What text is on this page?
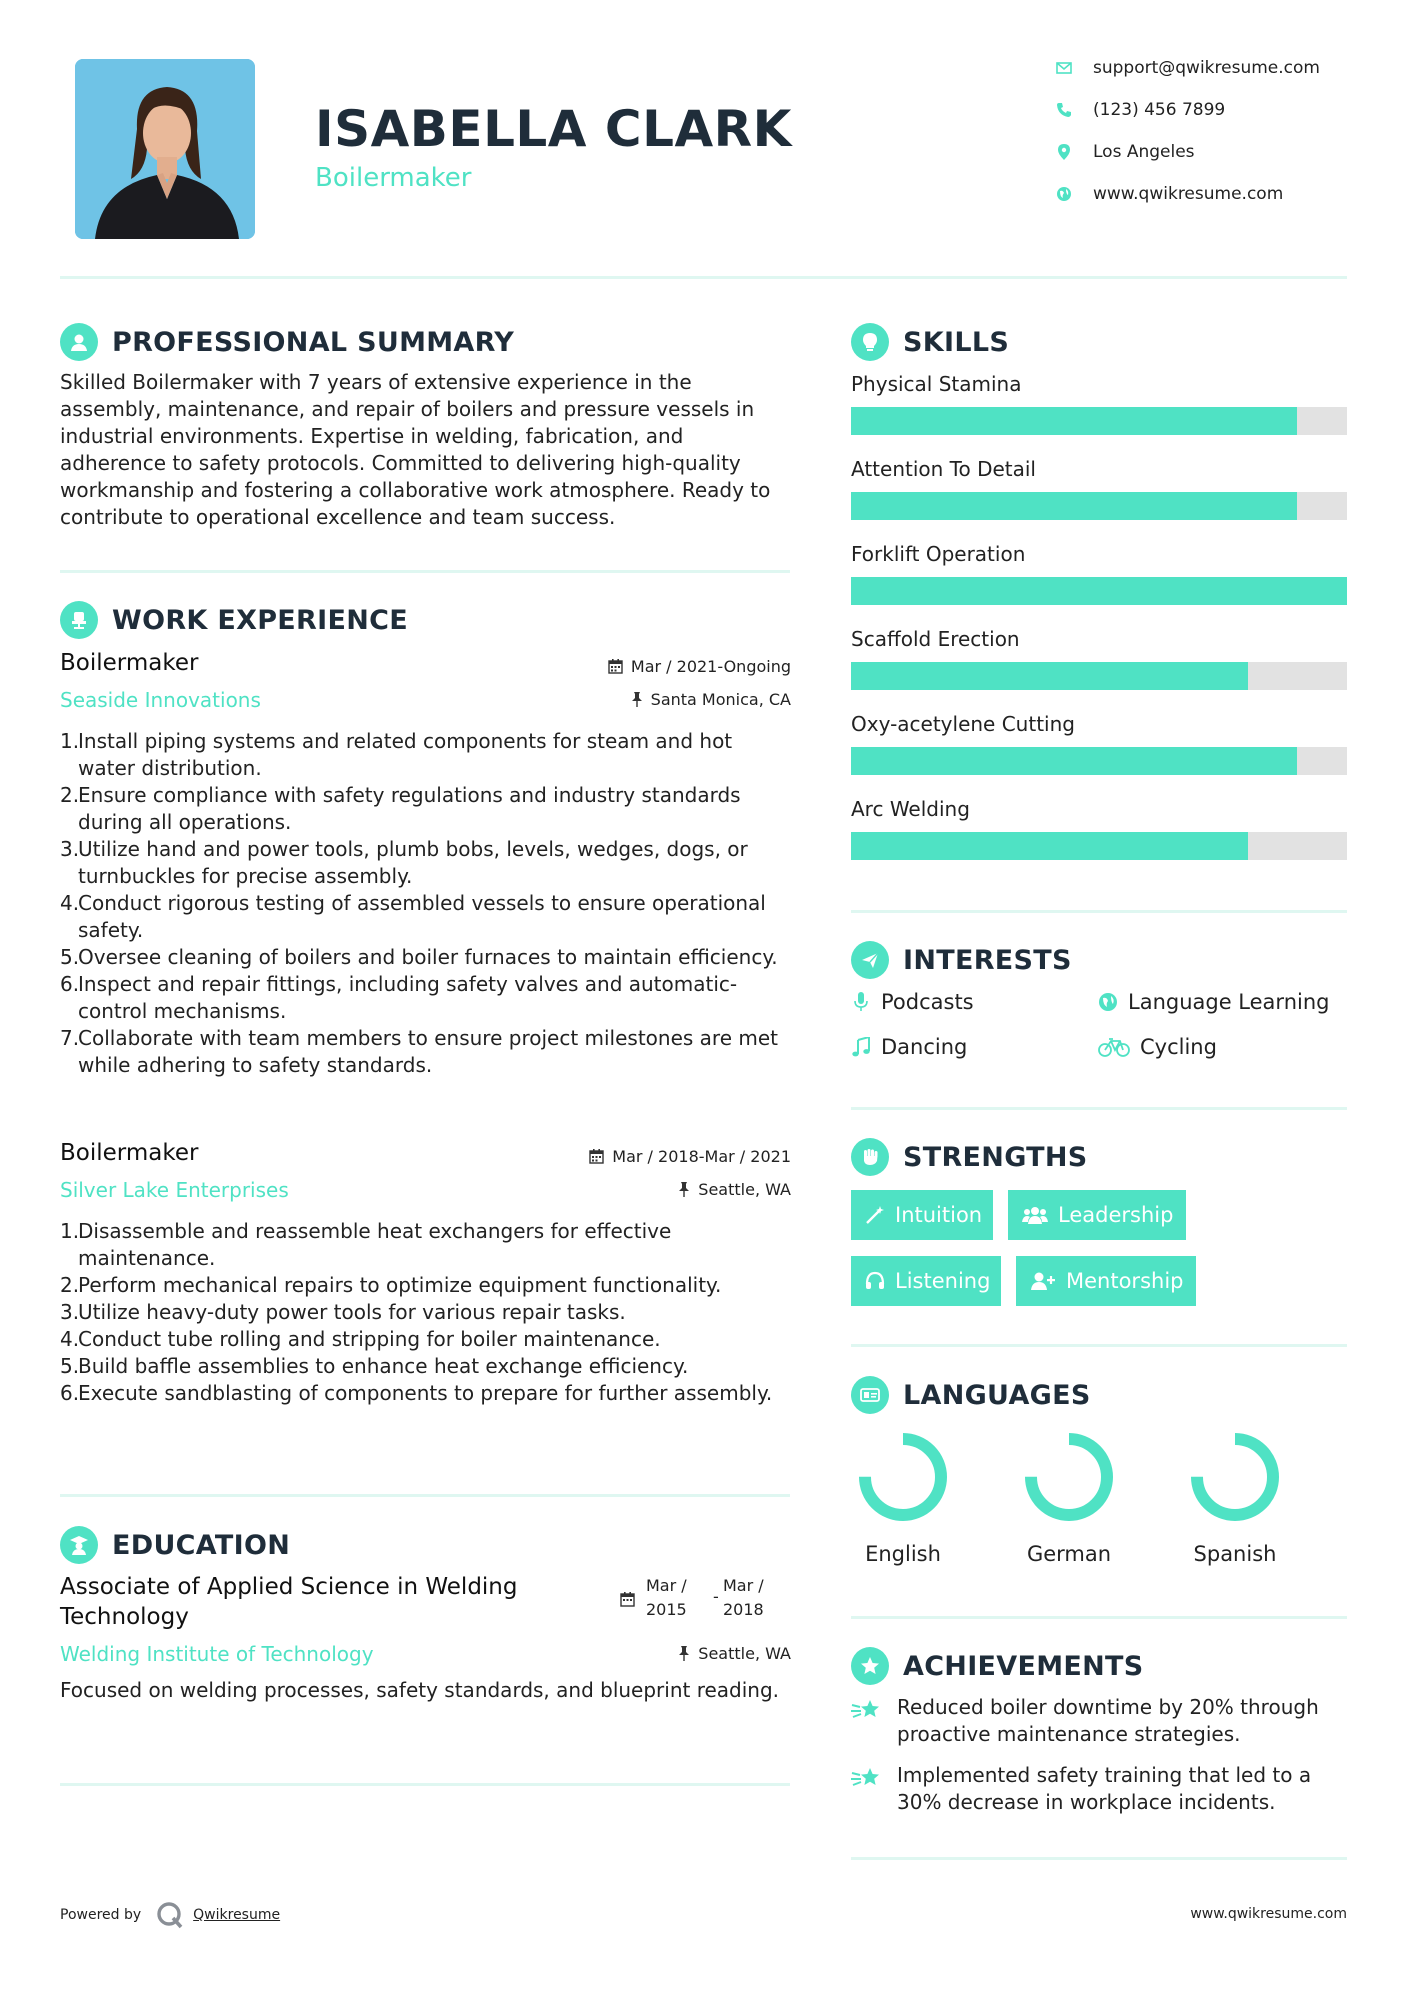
ISABELLA CLARK
Boilermaker
support@qwikresume.com
(123) 456 7899
Los Angeles
www.qwikresume.com
PROFESSIONAL SUMMARY
Skilled Boilermaker with 7 years of extensive experience in the assembly, maintenance, and repair of boilers and pressure vessels in industrial environments. Expertise in welding, fabrication, and adherence to safety protocols. Committed to delivering high-quality workmanship and fostering a collaborative work atmosphere. Ready to contribute to operational excellence and team success.
WORK EXPERIENCE
Boilermaker
Seaside Innovations
Mar / 2021-Ongoing
Santa Monica, CA
1.
Install piping systems and related components for steam and hot water distribution.
2.
Ensure compliance with safety regulations and industry standards during all operations.
3.
Utilize hand and power tools, plumb bobs, levels, wedges, dogs, or turnbuckles for precise assembly.
4.
Conduct rigorous testing of assembled vessels to ensure operational safety.
5.
Oversee cleaning of boilers and boiler furnaces to maintain efficiency.
6.
Inspect and repair fittings, including safety valves and automatic-control mechanisms.
7.
Collaborate with team members to ensure project milestones are met while adhering to safety standards.
Boilermaker
Silver Lake Enterprises
Mar / 2018-Mar / 2021
Seattle, WA
1.
Disassemble and reassemble heat exchangers for effective maintenance.
2.
Perform mechanical repairs to optimize equipment functionality.
3.
Utilize heavy-duty power tools for various repair tasks.
4.
Conduct tube rolling and stripping for boiler maintenance.
5.
Build baffle assemblies to enhance heat exchange efficiency.
6.
Execute sandblasting of components to prepare for further assembly.
EDUCATION
Associate of Applied Science in Welding Technology
Welding Institute of Technology
Mar /
2015
-
Mar /
2018
Seattle, WA
Focused on welding processes, safety standards, and blueprint reading.
SKILLS
Physical Stamina
Attention To Detail
Forklift Operation
Scaffold Erection
Oxy-acetylene Cutting
Arc Welding
INTERESTS
Podcasts	Language Learning
Dancing	Cycling
STRENGTHS
Intuition	Leadership
Listening	Mentorship
LANGUAGES
English	German	Spanish
ACHIEVEMENTS
Reduced boiler downtime by 20% through proactive maintenance strategies.
Implemented safety training that led to a 30% decrease in workplace incidents.
Powered by	Qwikresume	www.qwikresume.com
